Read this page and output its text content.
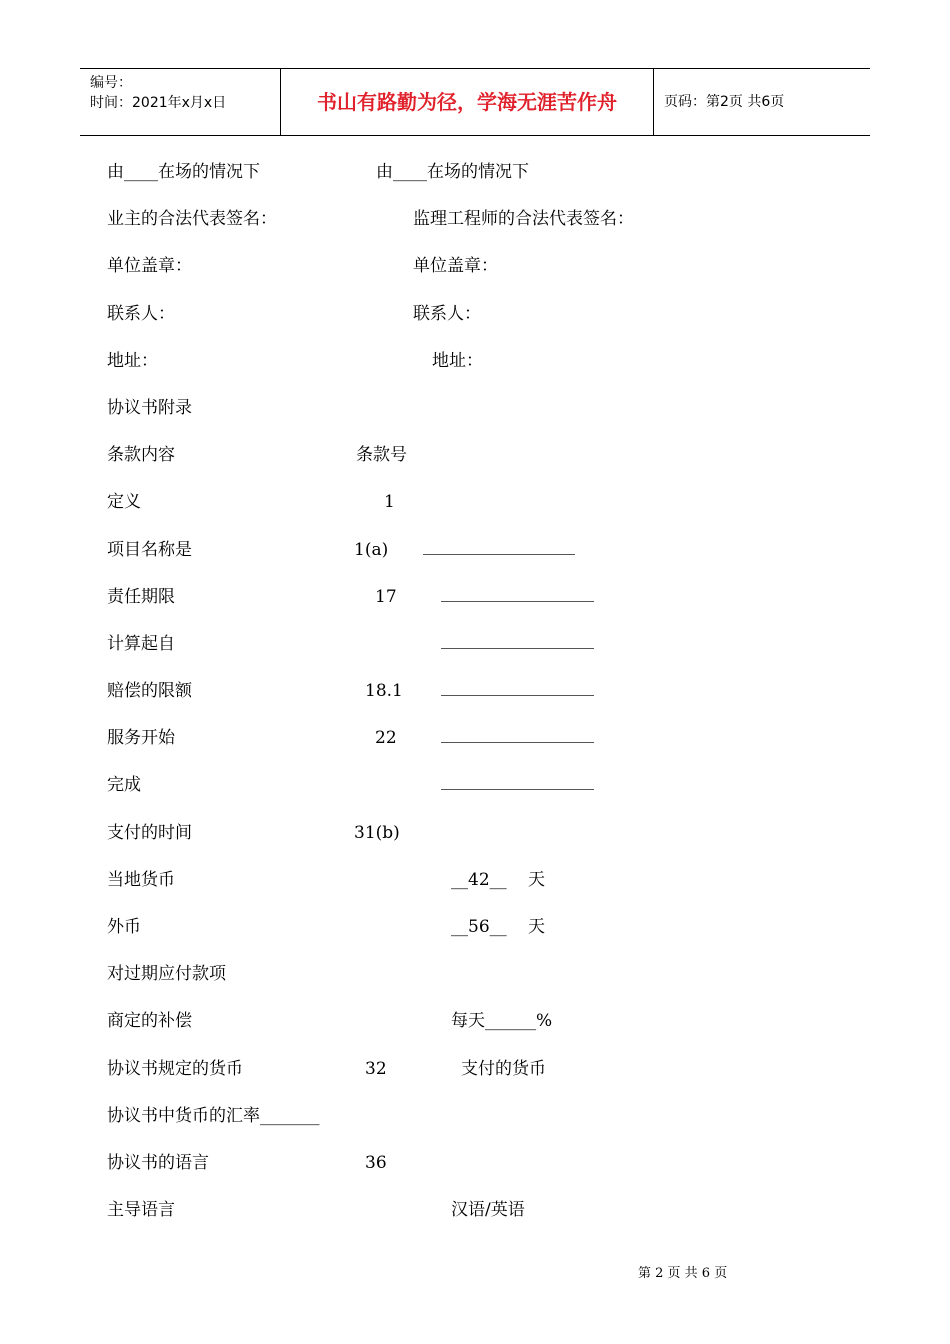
编号：
时间：2021年x月x日	书山有路勤为径，学海无涯苦作舟	页码：第2页 共6页
由____在场的情况下	由____在场的情况下
业主的合法代表签名：	监理工程师的合法代表签名：
单位盖章：	单位盖章：
联系人：	联系人：
地址：	地址：
协议书附录
条款内容	条款号
定义	1
项目名称是	1(a)
责任期限	17
计算起自
赔偿的限额	18.1
服务开始	22
完成
支付的时间	31(b)
当地货币	__42__ 天
外币	__56__ 天
对过期应付款项
商定的补偿	每天______%
协议书规定的货币	32	支付的货币
协议书中货币的汇率_______
协议书的语言	36
主导语言	汉语/英语
第 2 页 共 6 页
